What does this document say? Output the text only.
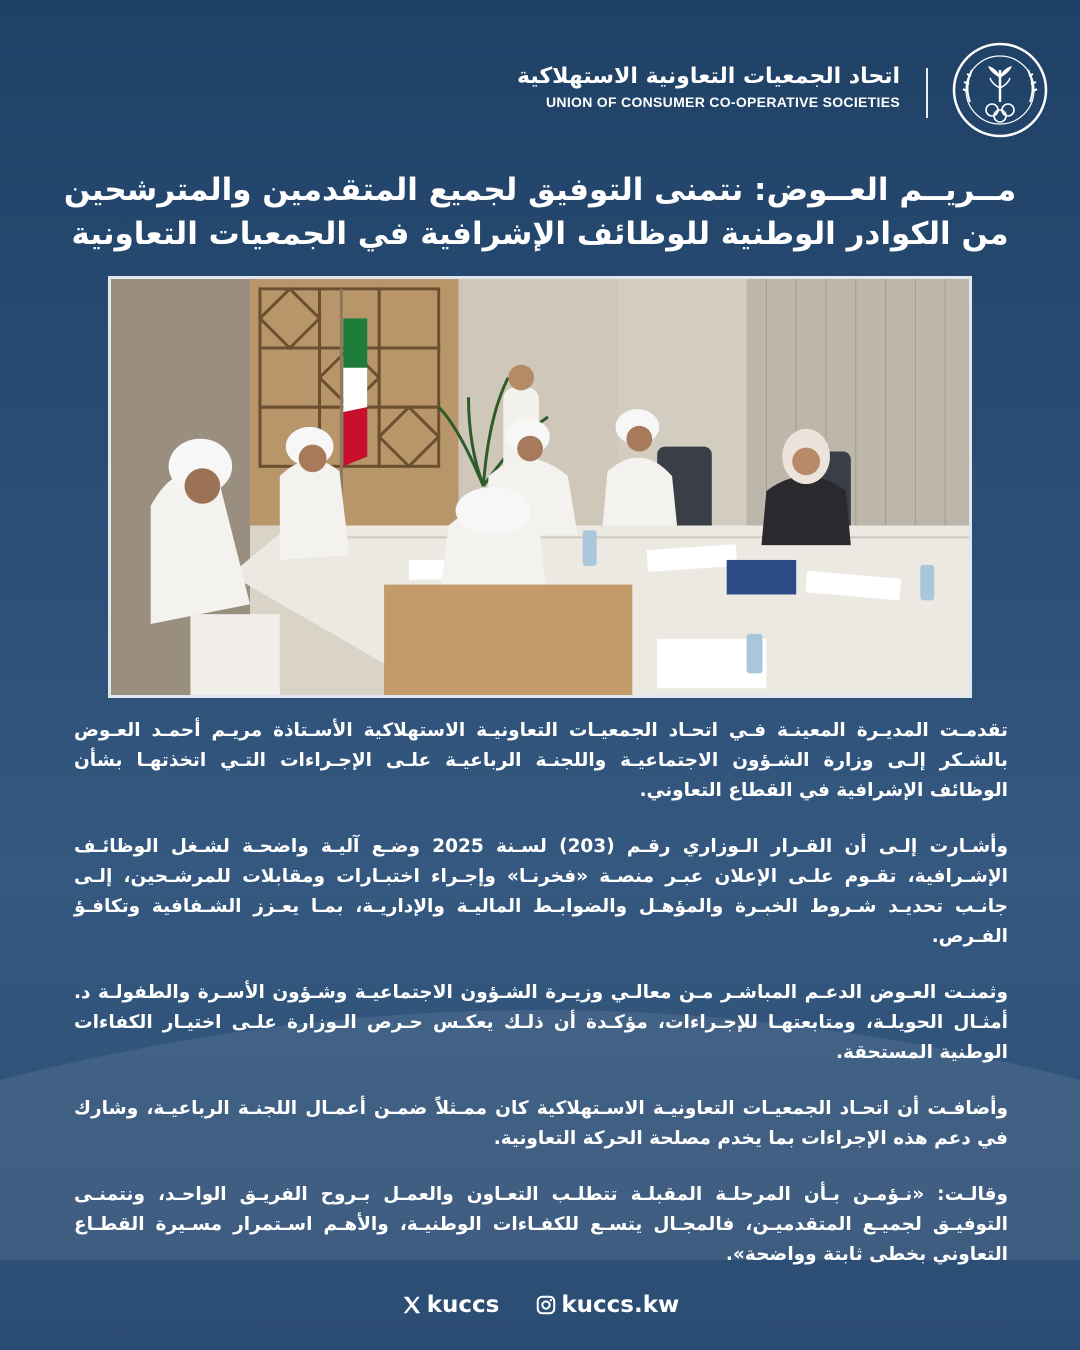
اتحاد الجمعيات التعاونية الاستهلاكية
UNION OF CONSUMER CO-OPERATIVE SOCIETIES
مــريــم العــوض: نتمنى التوفيق لجميع المتقدمين والمترشحين من الكوادر الوطنية للوظائف الإشرافية في الجمعيات التعاونية

تقدمـت المديـرة المعينـة فـي اتحـاد الجمعيـات التعاونيـة الاستهلاكية الأسـتاذة مريـم أحمـد العـوض بالشـكر إلـى وزارة الشـؤون الاجتماعيـة واللجنـة الرباعيـة علـى الإجـراءات التـي اتخذتهـا بشأن الوظائف الإشرافية في القطاع التعاوني.

وأشـارت إلـى أن القـرار الـوزاري رقـم (203) لسـنة 2025 وضـع آليـة واضحـة لشـغل الوظائـف الإشـرافية، تقـوم علـى الإعلان عبـر منصـة «فخرنـا» وإجـراء اختبـارات ومقابلات للمرشـحين، إلـى جانـب تحديـد شـروط الخبـرة والمؤهـل والضوابـط الماليـة والإداريـة، بمـا يعـزز الشـفافية وتكافـؤ الفـرص.

وثمنـت العـوض الدعـم المباشـر مـن معالـي وزيـرة الشـؤون الاجتماعيـة وشـؤون الأسـرة والطفولـة د. أمثـال الحويلـة، ومتابعتهـا للإجـراءات، مؤكـدة أن ذلـك يعكـس حـرص الـوزارة علـى اختيـار الكفاءات الوطنية المستحقة.

وأضافـت أن اتحـاد الجمعيـات التعاونيـة الاسـتهلاكية كان ممـثلاً ضمـن أعمـال اللجنـة الرباعيـة، وشارك في دعم هذه الإجراءات بما يخدم مصلحة الحركة التعاونية.

وقالـت: «نـؤمـن بـأن المرحلـة المقبلـة تتطلـب التعـاون والعمـل بـروح الفريـق الواحـد، ونتمنـى التوفيـق لجميـع المتقدميـن، فالمجـال يتسـع للكفـاءات الوطنيـة، والأهـم اسـتمرار مسـيرة القطـاع التعاوني بخطى ثابتة وواضحة».

kuccs
	kuccs.kw
